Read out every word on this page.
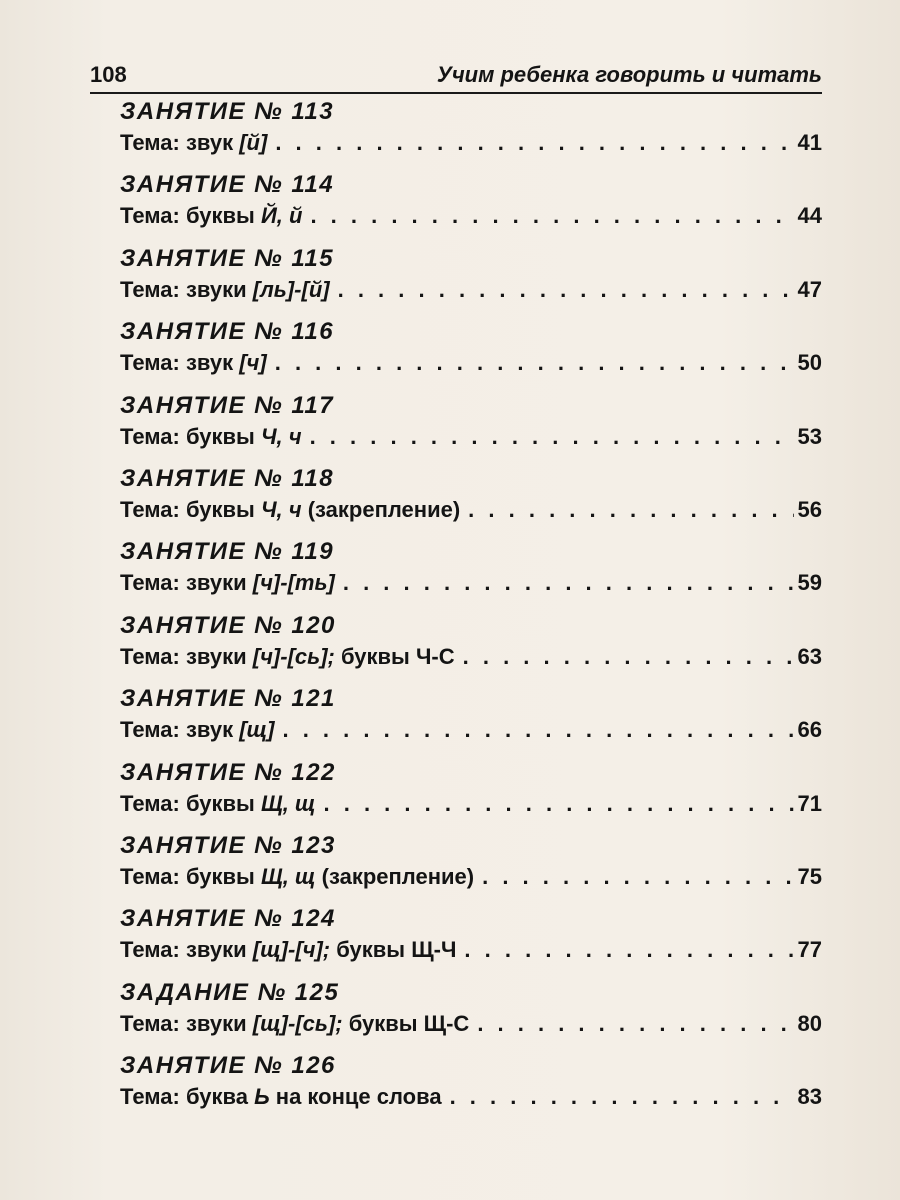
108	Учим ребенка говорить и читать
ЗАНЯТИЕ № 113
Тема: звук [й] . . .	41
ЗАНЯТИЕ № 114
Тема: буквы Й, й . . .	44
ЗАНЯТИЕ № 115
Тема: звуки [ль]-[й] . . .	47
ЗАНЯТИЕ № 116
Тема: звук [ч] . . .	50
ЗАНЯТИЕ № 117
Тема: буквы Ч, ч . . .	53
ЗАНЯТИЕ № 118
Тема: буквы Ч, ч (закрепление) . . .	56
ЗАНЯТИЕ № 119
Тема: звуки [ч]-[ть] . . .	59
ЗАНЯТИЕ № 120
Тема: звуки [ч]-[сь]; буквы Ч-С . . .	63
ЗАНЯТИЕ № 121
Тема: звук [щ] . . .	66
ЗАНЯТИЕ № 122
Тема: буквы Щ, щ . . .	71
ЗАНЯТИЕ № 123
Тема: буквы Щ, щ (закрепление) . . .	75
ЗАНЯТИЕ № 124
Тема: звуки [щ]-[ч]; буквы Щ-Ч . . .	77
ЗАДАНИЕ № 125
Тема: звуки [щ]-[сь]; буквы Щ-С . . .	80
ЗАНЯТИЕ № 126
Тема: буква Ь на конце слова . . .	83
